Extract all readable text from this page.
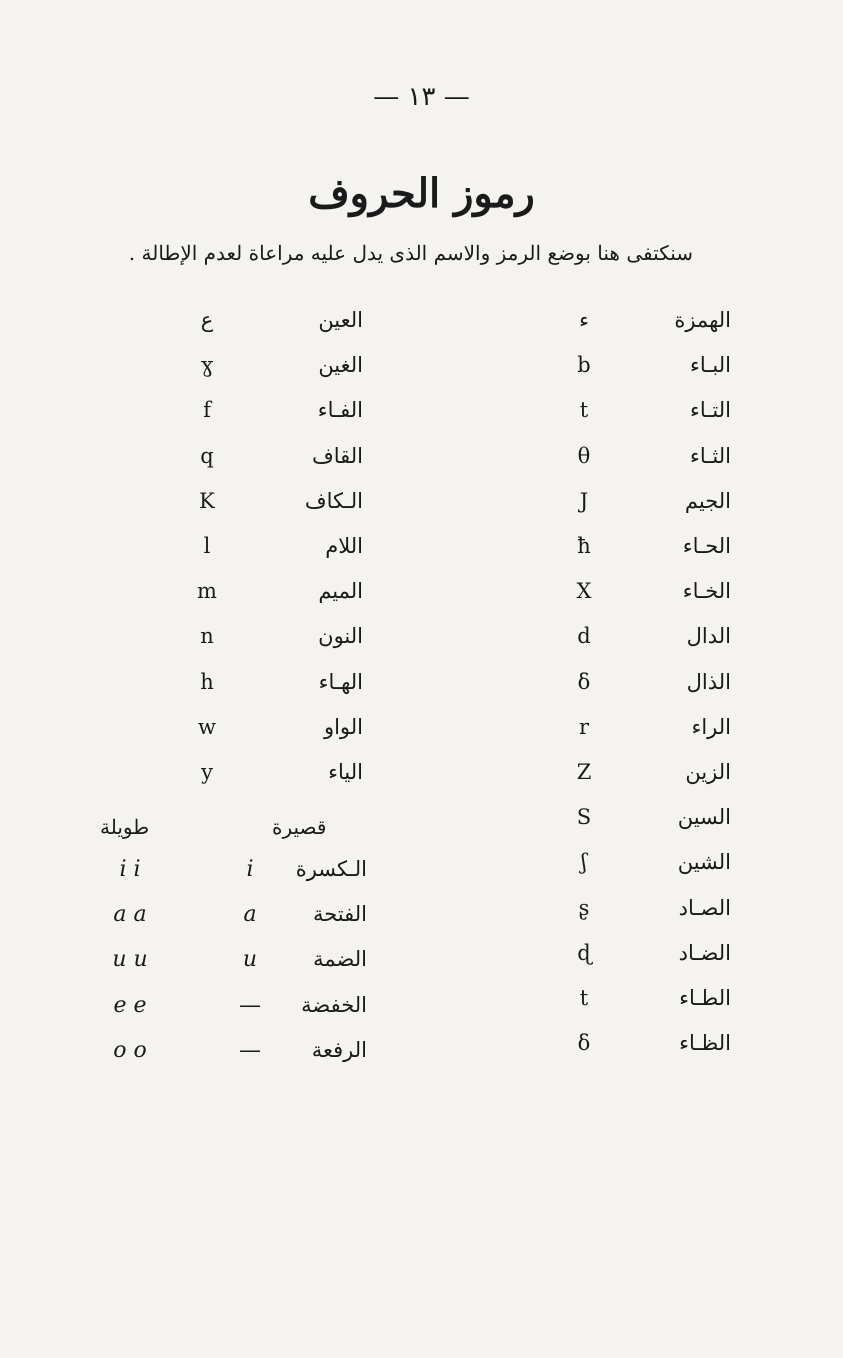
— ١٣ —
رموز الحروف
سنكتفى هنا بوضع الرمز والاسم الذى يدل عليه مراعاة لعدم الإطالة .
الهمزة
ء
البـاء
b
التـاء
t
الثـاء
θ
الجيم
J
الحـاء
ħ
الخـاء
X
الدال
d
الذال
ẟ
الراء
r
الزين
Z
السين
S
الشين
ʃ
الصـاد
ʂ
الضـاد
ɖ
الطـاء
t
الظـاء
ẟ
العين
ع
الغين
ɣ
الفـاء
f
القاف
q
الـكاف
K
اللام
l
الميم
m
النون
n
الهـاء
h
الواو
w
الياء
y
قصيرة
طويلة
الـكسرة
i
i i
الفتحة
a
a a
الضمة
u
u u
الخفضة
—
e e
الرفعة
—
o o
